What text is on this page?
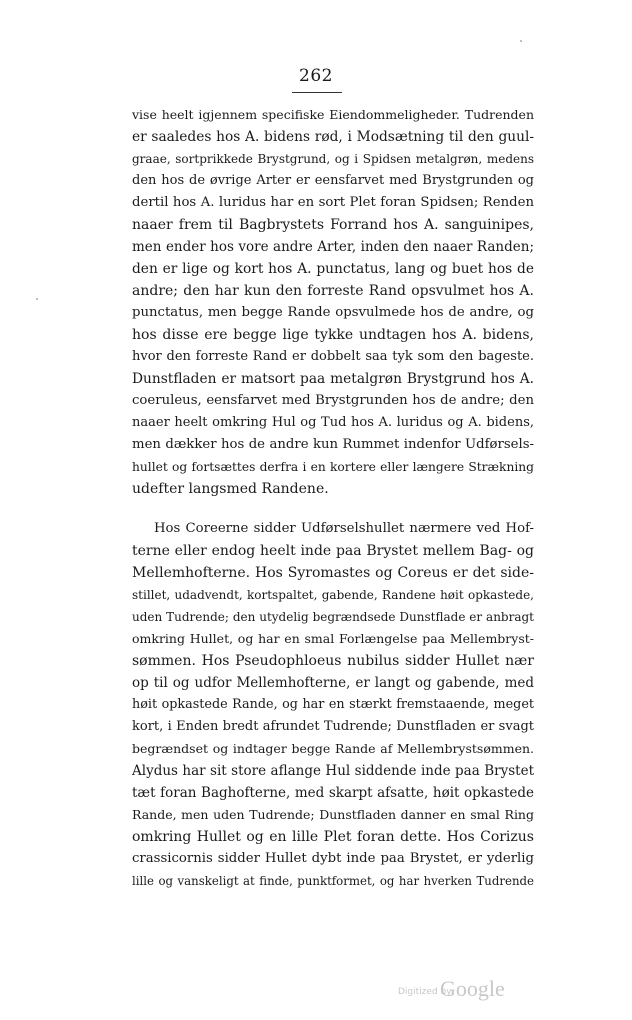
262
vise heelt igjennem specifiske Eiendommeligheder. Tudrenden
er saaledes hos A. bidens rød, i Modsætning til den guul-
graae, sortprikkede Brystgrund, og i Spidsen metalgrøn, medens
den hos de øvrige Arter er eensfarvet med Brystgrunden og
dertil hos A. luridus har en sort Plet foran Spidsen; Renden
naaer frem til Bagbrystets Forrand hos A. sanguinipes,
men ender hos vore andre Arter, inden den naaer Randen;
den er lige og kort hos A. punctatus, lang og buet hos de
andre; den har kun den forreste Rand opsvulmet hos A.
punctatus, men begge Rande opsvulmede hos de andre, og
hos disse ere begge lige tykke undtagen hos A. bidens,
hvor den forreste Rand er dobbelt saa tyk som den bageste.
Dunstfladen er matsort paa metalgrøn Brystgrund hos A.
coeruleus, eensfarvet med Brystgrunden hos de andre; den
naaer heelt omkring Hul og Tud hos A. luridus og A. bidens,
men dækker hos de andre kun Rummet indenfor Udførsels-
hullet og fortsættes derfra i en kortere eller længere Strækning
udefter langsmed Randene.
Hos Coreerne sidder Udførselshullet nærmere ved Hof-
terne eller endog heelt inde paa Brystet mellem Bag- og
Mellemhofterne. Hos Syromastes og Coreus er det side-
stillet, udadvendt, kortspaltet, gabende, Randene høit opkastede,
uden Tudrende; den utydelig begrændsede Dunstflade er anbragt
omkring Hullet, og har en smal Forlængelse paa Mellembryst-
sømmen. Hos Pseudophloeus nubilus sidder Hullet nær
op til og udfor Mellemhofterne, er langt og gabende, med
høit opkastede Rande, og har en stærkt fremstaaende, meget
kort, i Enden bredt afrundet Tudrende; Dunstfladen er svagt
begrændset og indtager begge Rande af Mellembrystsømmen.
Alydus har sit store aflange Hul siddende inde paa Brystet
tæt foran Baghofterne, med skarpt afsatte, høit opkastede
Rande, men uden Tudrende; Dunstfladen danner en smal Ring
omkring Hullet og en lille Plet foran dette. Hos Corizus
crassicornis sidder Hullet dybt inde paa Brystet, er yderlig
lille og vanskeligt at finde, punktformet, og har hverken Tudrende
Digitized by
Google
